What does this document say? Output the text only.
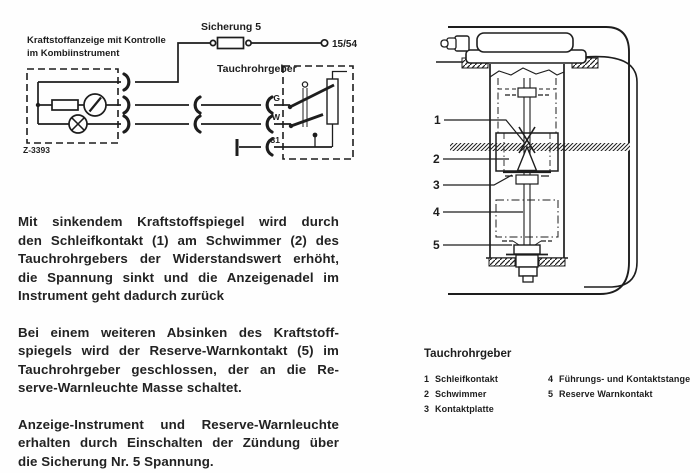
Kraftstoffanzeige mit Kontrolle
im Kombiinstrument
Sicherung 5
15/54
Tauchrohrgeber
G
W
31
Z-3393
1
2
3
4
5
Mit sinkendem Kraftstoffspiegel wird durch
den Schleifkontakt (1) am Schwimmer (2) des
Tauchrohrgebers der Widerstandswert erhöht,
die Spannung sinkt und die Anzeigenadel im
Instrument geht dadurch zurück
Bei einem weiteren Absinken des Kraftstoff-
spiegels wird der Reserve-Warnkontakt (5) im
Tauchrohrgeber geschlossen, der an die Re-
serve-Warnleuchte Masse schaltet.
Anzeige-Instrument und Reserve-Warnleuchte
erhalten durch Einschalten der Zündung über
die Sicherung Nr. 5 Spannung.
Tauchrohrgeber
1 Schleifkontakt
2 Schwimmer
3 Kontaktplatte
4 Führungs- und Kontaktstange
5 Reserve Warnkontakt
